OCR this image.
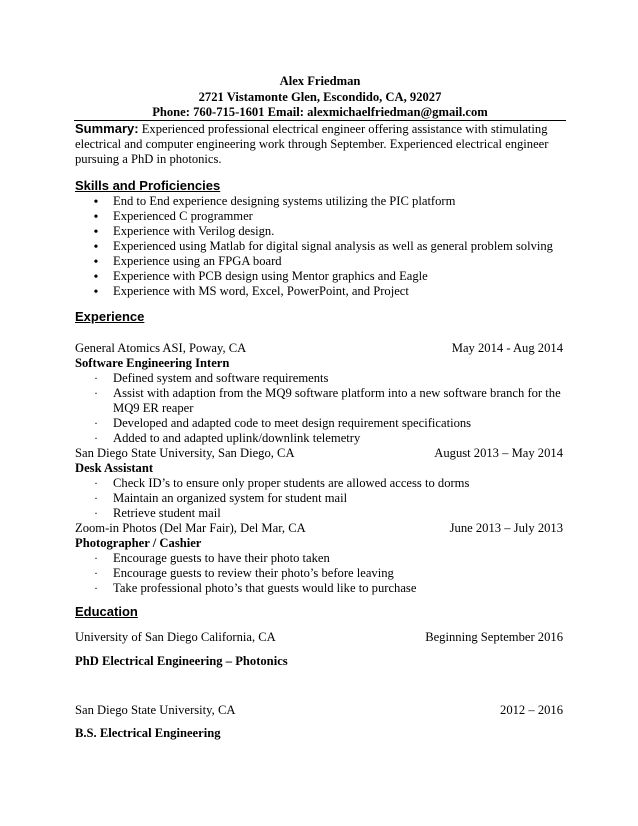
Alex Friedman
2721 Vistamonte Glen, Escondido, CA, 92027
Phone: 760-715-1601 Email: alexmichaelfriedman@gmail.com
Summary: Experienced professional electrical engineer offering assistance with stimulating
electrical and computer engineering work through September. Experienced electrical engineer
pursuing a PhD in photonics.
Skills and Proficiencies
• End to End experience designing systems utilizing the PIC platform
• Experienced C programmer
• Experience with Verilog design.
• Experienced using Matlab for digital signal analysis as well as general problem solving
• Experience using an FPGA board
• Experience with PCB design using Mentor graphics and Eagle
• Experience with MS word, Excel, PowerPoint, and Project
Experience
General Atomics ASI, Poway, CA	May 2014 - Aug 2014
Software Engineering Intern
· Defined system and software requirements
· Assist with adaption from the MQ9 software platform into a new software branch for the
MQ9 ER reaper
· Developed and adapted code to meet design requirement specifications
· Added to and adapted uplink/downlink telemetry
San Diego State University, San Diego, CA	August 2013 – May 2014
Desk Assistant
· Check ID’s to ensure only proper students are allowed access to dorms
· Maintain an organized system for student mail
· Retrieve student mail
Zoom-in Photos (Del Mar Fair), Del Mar, CA	June 2013 – July 2013
Photographer / Cashier
· Encourage guests to have their photo taken
· Encourage guests to review their photo’s before leaving
· Take professional photo’s that guests would like to purchase
Education
University of San Diego California, CA	Beginning September 2016
PhD Electrical Engineering – Photonics
San Diego State University, CA	2012 – 2016
B.S. Electrical Engineering
